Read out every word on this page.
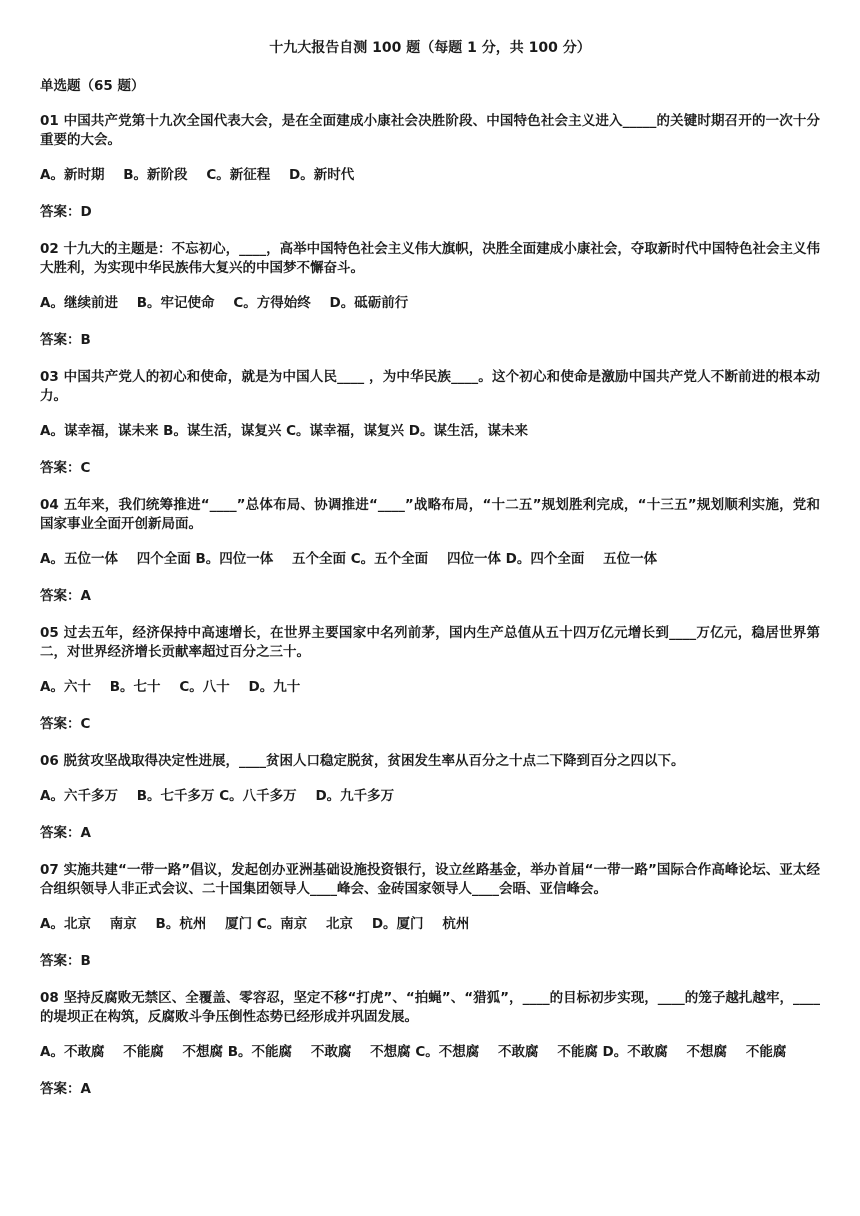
十九大报告自测 100 题（每题 1 分，共 100 分）
单选题（65 题）
01 中国共产党第十九次全国代表大会，是在全面建成小康社会决胜阶段、中国特色社会主义进入_____的关键时期召开的一次十分重要的大会。
A。新时期    B。新阶段    C。新征程    D。新时代
答案：D
02 十九大的主题是：不忘初心，____，高举中国特色社会主义伟大旗帜，决胜全面建成小康社会，夺取新时代中国特色社会主义伟大胜利，为实现中华民族伟大复兴的中国梦不懈奋斗。
A。继续前进    B。牢记使命    C。方得始终    D。砥砺前行
答案：B
03 中国共产党人的初心和使命，就是为中国人民____ ，为中华民族____。这个初心和使命是激励中国共产党人不断前进的根本动力。
A。谋幸福，谋未来 B。谋生活，谋复兴 C。谋幸福，谋复兴 D。谋生活，谋未来
答案：C
04 五年来，我们统筹推进“____”总体布局、协调推进“____”战略布局，“十二五”规划胜利完成，“十三五”规划顺利实施，党和国家事业全面开创新局面。
A。五位一体    四个全面 B。四位一体    五个全面 C。五个全面    四位一体 D。四个全面    五位一体
答案：A
05 过去五年，经济保持中高速增长，在世界主要国家中名列前茅，国内生产总值从五十四万亿元增长到____万亿元，稳居世界第二，对世界经济增长贡献率超过百分之三十。
A。六十    B。七十    C。八十    D。九十
答案：C
06 脱贫攻坚战取得决定性进展，____贫困人口稳定脱贫，贫困发生率从百分之十点二下降到百分之四以下。
A。六千多万    B。七千多万 C。八千多万    D。九千多万
答案：A
07 实施共建“一带一路”倡议，发起创办亚洲基础设施投资银行，设立丝路基金，举办首届“一带一路”国际合作高峰论坛、亚太经合组织领导人非正式会议、二十国集团领导人____峰会、金砖国家领导人____会晤、亚信峰会。
A。北京    南京    B。杭州    厦门 C。南京    北京    D。厦门    杭州
答案：B
08 坚持反腐败无禁区、全覆盖、零容忍，坚定不移“打虎”、“拍蝇”、“猎狐”，____的目标初步实现，____的笼子越扎越牢，____的堤坝正在构筑，反腐败斗争压倒性态势已经形成并巩固发展。
A。不敢腐    不能腐    不想腐 B。不能腐    不敢腐    不想腐 C。不想腐    不敢腐    不能腐 D。不敢腐    不想腐    不能腐
答案：A
